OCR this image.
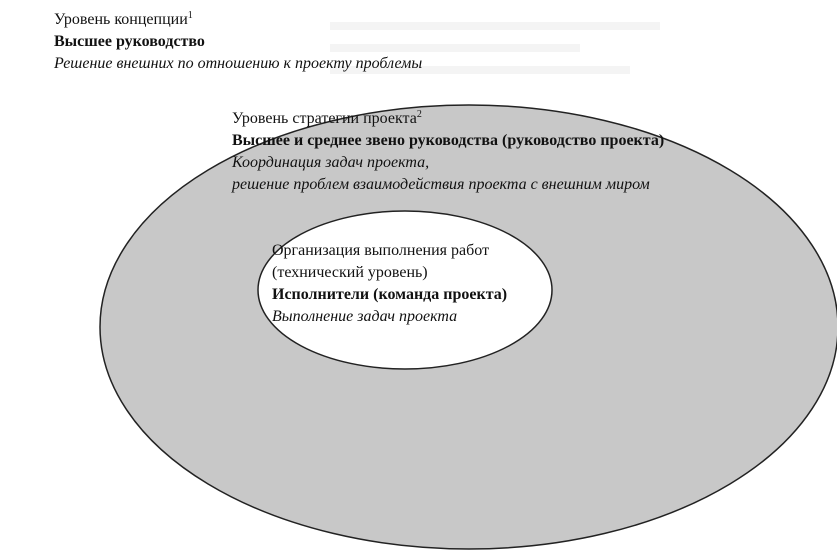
Уровень концепции$^1$
Высшее руководство
Решение внешних по отношению к проекту проблемы
Уровень стратегии проекта$^2$
Высшее и среднее звено руководства (руководство проекта)
Координация задач проекта,
решение проблем взаимодействия проекта с внешним миром
Организация выполнения работ
(технический уровень)
Исполнители (команда проекта)
Выполнение задач проекта
